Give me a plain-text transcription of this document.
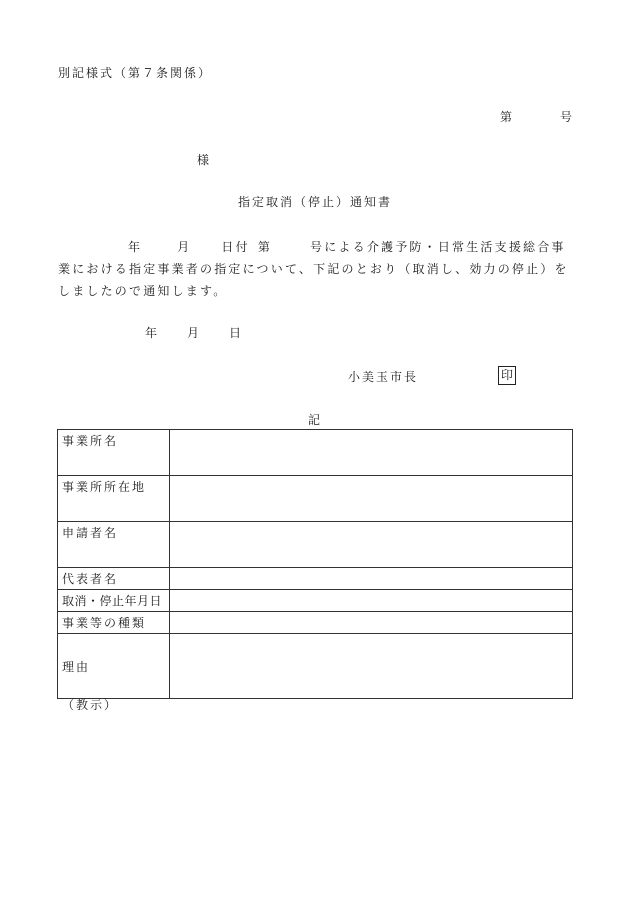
別記様式（第７条関係）
第	号
様
指定取消（停止）通知書
年	月	日付 第	号による介護予防・日常生活支援総合事業における指定事業者の指定について、下記のとおり（取消し、効力の停止）をしましたので通知します。
年	月	日
小美玉市長	印
記
事業所名	
事業所所在地	
申請者名	
代表者名	
取消・停止年月日	
事業等の種類	
理由	
（教示）
